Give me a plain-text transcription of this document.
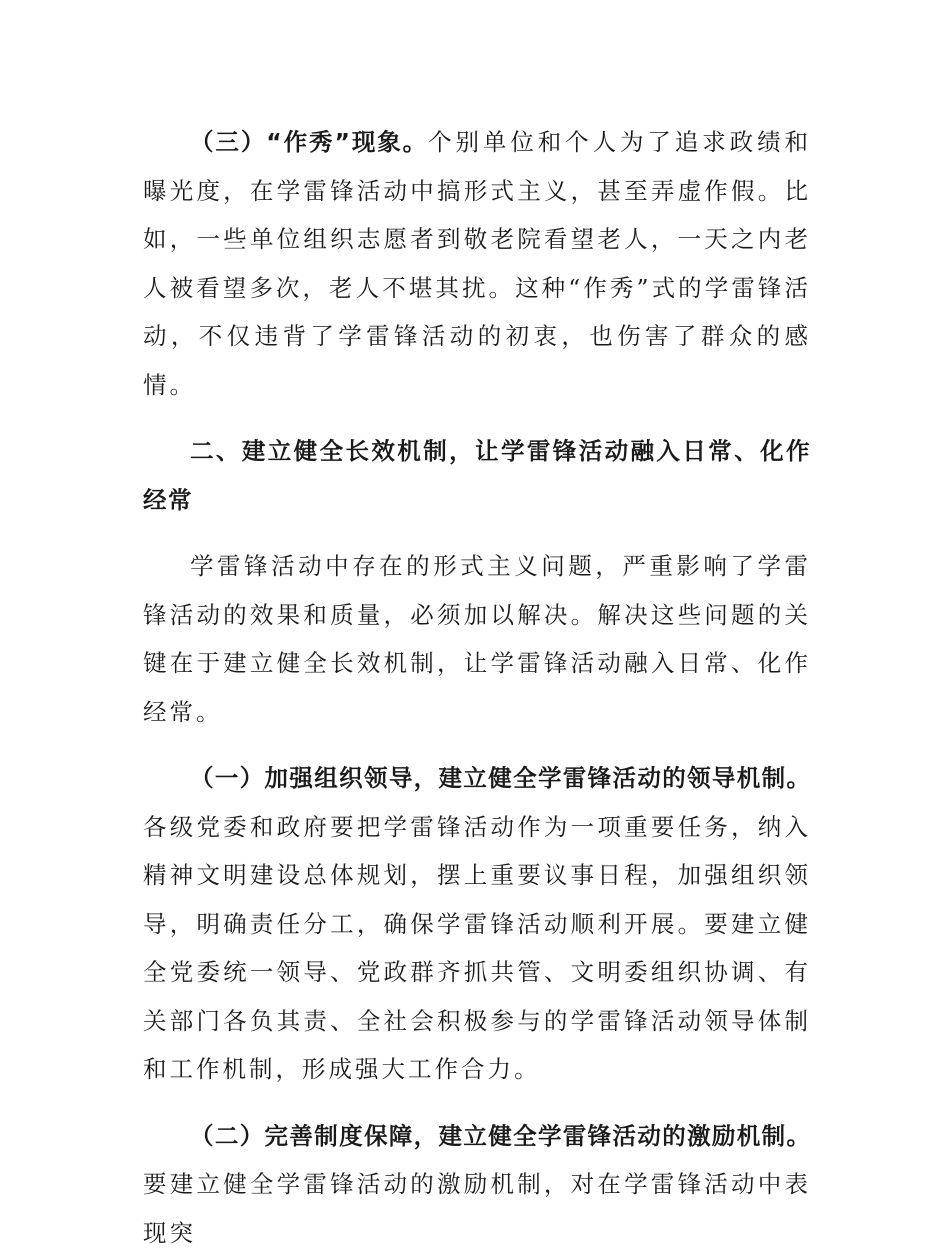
（三）“作秀”现象。个别单位和个人为了追求政绩和曝光度，在学雷锋活动中搞形式主义，甚至弄虚作假。比如，一些单位组织志愿者到敬老院看望老人，一天之内老人被看望多次，老人不堪其扰。这种“作秀”式的学雷锋活动，不仅违背了学雷锋活动的初衷，也伤害了群众的感情。

二、建立健全长效机制，让学雷锋活动融入日常、化作经常

学雷锋活动中存在的形式主义问题，严重影响了学雷锋活动的效果和质量，必须加以解决。解决这些问题的关键在于建立健全长效机制，让学雷锋活动融入日常、化作经常。

（一）加强组织领导，建立健全学雷锋活动的领导机制。各级党委和政府要把学雷锋活动作为一项重要任务，纳入精神文明建设总体规划，摆上重要议事日程，加强组织领导，明确责任分工，确保学雷锋活动顺利开展。要建立健全党委统一领导、党政群齐抓共管、文明委组织协调、有关部门各负其责、全社会积极参与的学雷锋活动领导体制和工作机制，形成强大工作合力。

（二）完善制度保障，建立健全学雷锋活动的激励机制。要建立健全学雷锋活动的激励机制，对在学雷锋活动中表现突
